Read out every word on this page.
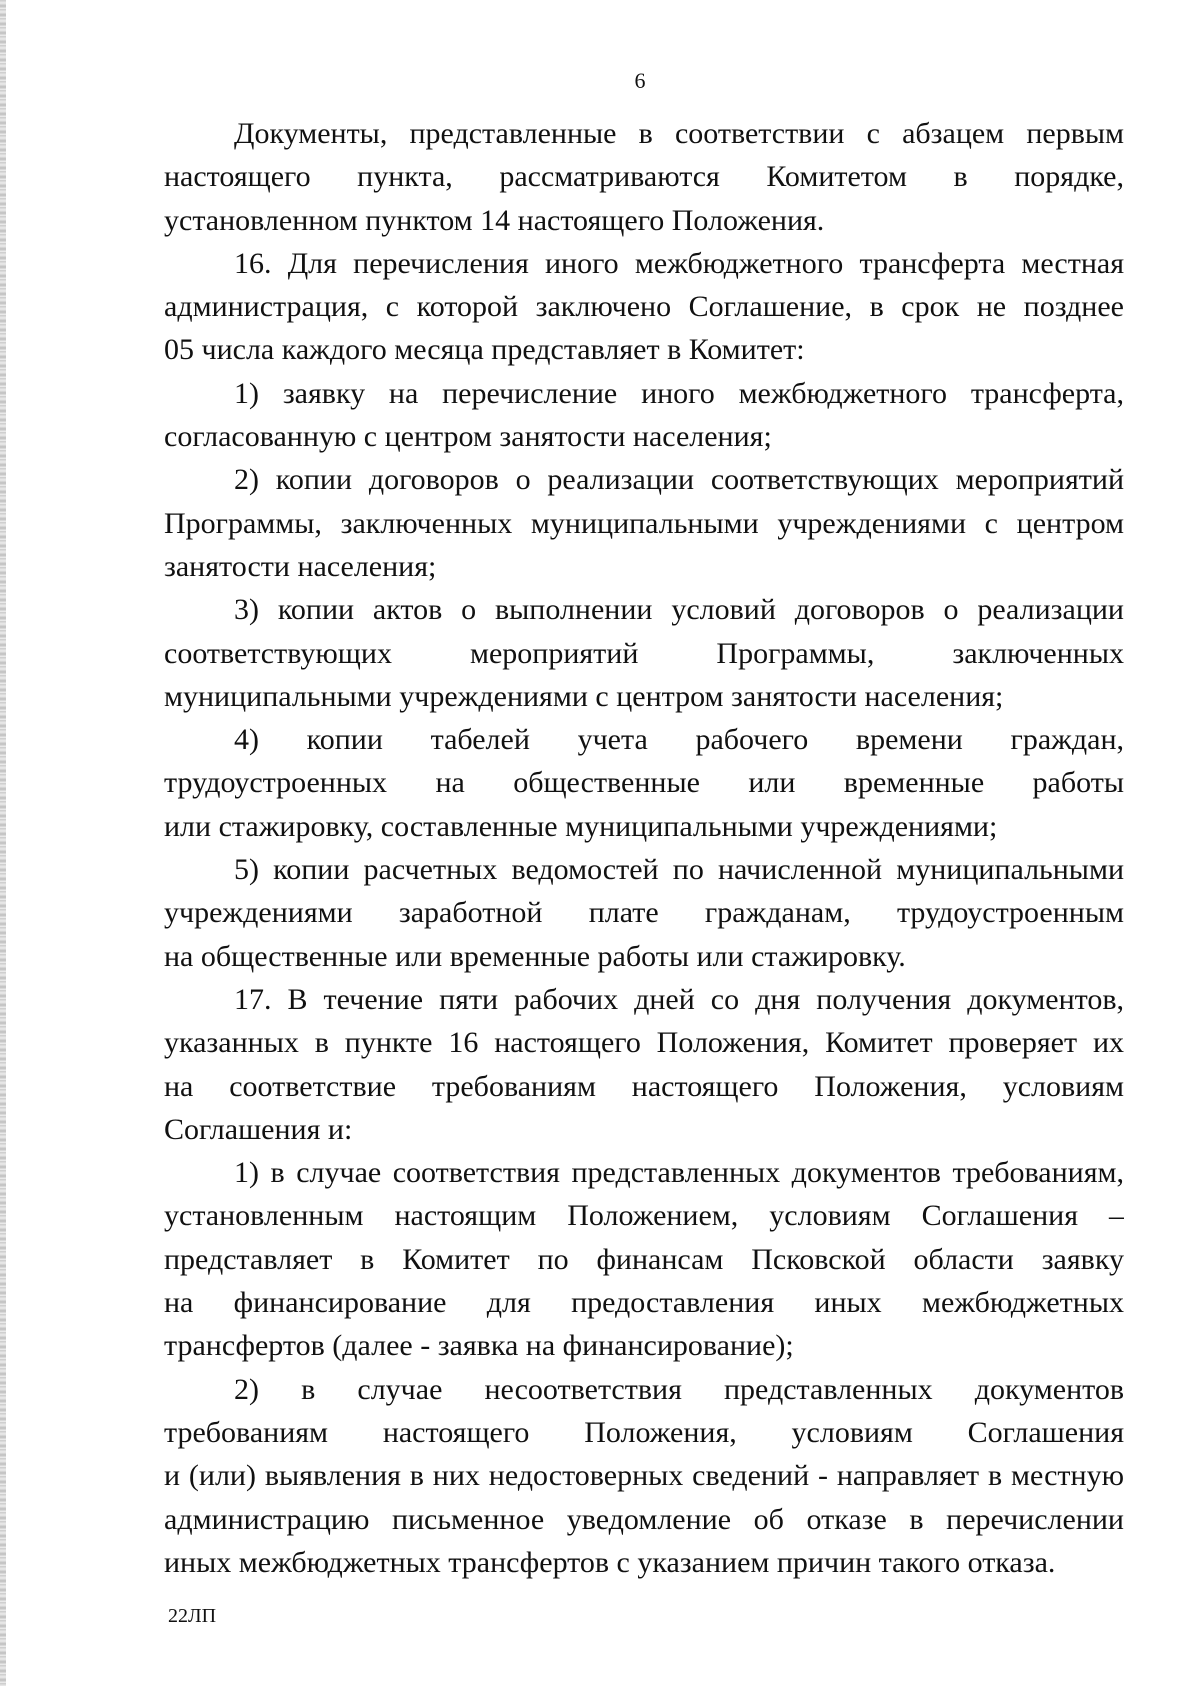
6
Документы, представленные в соответствии с абзацем первым
настоящего пункта, рассматриваются Комитетом в порядке,
установленном пунктом 14 настоящего Положения.
16. Для перечисления иного межбюджетного трансферта местная
администрация, с которой заключено Соглашение, в срок не позднее
05 числа каждого месяца представляет в Комитет:
1) заявку на перечисление иного межбюджетного трансферта,
согласованную с центром занятости населения;
2) копии договоров о реализации соответствующих мероприятий
Программы, заключенных муниципальными учреждениями с центром
занятости населения;
3) копии актов о выполнении условий договоров о реализации
соответствующих мероприятий Программы, заключенных
муниципальными учреждениями с центром занятости населения;
4) копии табелей учета рабочего времени граждан,
трудоустроенных на общественные или временные работы
или стажировку, составленные муниципальными учреждениями;
5) копии расчетных ведомостей по начисленной муниципальными
учреждениями заработной плате гражданам, трудоустроенным
на общественные или временные работы или стажировку.
17. В течение пяти рабочих дней со дня получения документов,
указанных в пункте 16 настоящего Положения, Комитет проверяет их
на соответствие требованиям настоящего Положения, условиям
Соглашения и:
1) в случае соответствия представленных документов требованиям,
установленным настоящим Положением, условиям Соглашения –
представляет в Комитет по финансам Псковской области заявку
на финансирование для предоставления иных межбюджетных
трансфертов (далее - заявка на финансирование);
2) в случае несоответствия представленных документов
требованиям настоящего Положения, условиям Соглашения
и (или) выявления в них недостоверных сведений - направляет в местную
администрацию письменное уведомление об отказе в перечислении
иных межбюджетных трансфертов с указанием причин такого отказа.
22ЛП
